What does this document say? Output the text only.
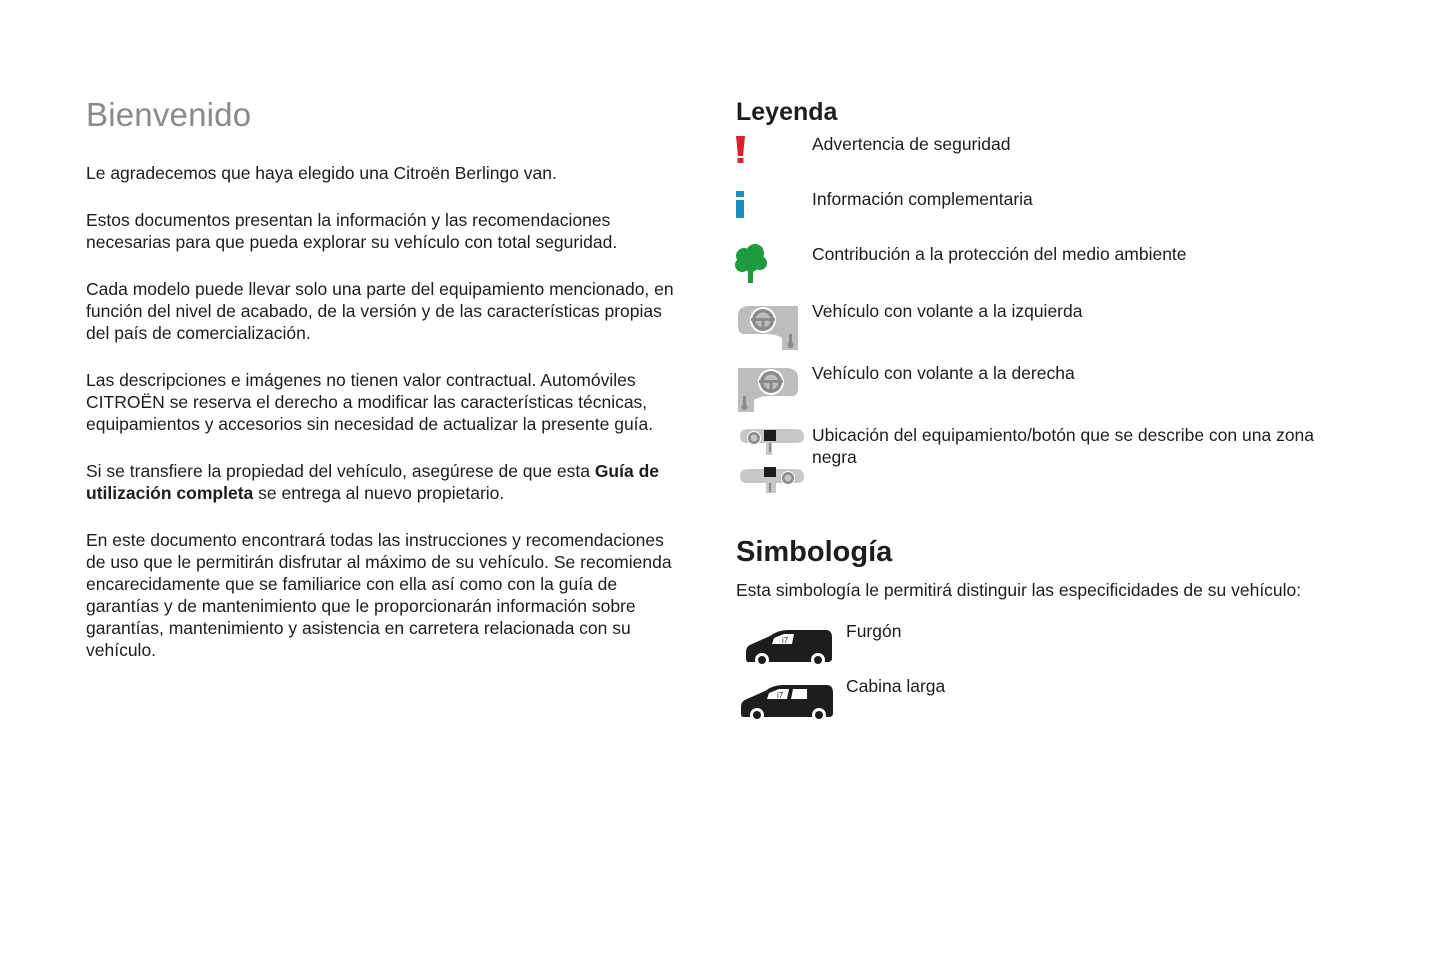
Bienvenido

Le agradecemos que haya elegido una Citroën Berlingo van.

Estos documentos presentan la información y las recomendaciones necesarias para que pueda explorar su vehículo con total seguridad.

Cada modelo puede llevar solo una parte del equipamiento mencionado, en función del nivel de acabado, de la versión y de las características propias del país de comercialización.

Las descripciones e imágenes no tienen valor contractual. Automóviles CITROËN se reserva el derecho a modificar las características técnicas, equipamientos y accesorios sin necesidad de actualizar la presente guía.

Si se transfiere la propiedad del vehículo, asegúrese de que esta Guía de utilización completa se entrega al nuevo propietario.

En este documento encontrará todas las instrucciones y recomendaciones de uso que le permitirán disfrutar al máximo de su vehículo. Se recomienda encarecidamente que se familiarice con ella así como con la guía de garantías y de mantenimiento que le proporcionarán información sobre garantías, mantenimiento y asistencia en carretera relacionada con su vehículo.

Leyenda
Advertencia de seguridad
Información complementaria
Contribución a la protección del medio ambiente
Vehículo con volante a la izquierda
Vehículo con volante a la derecha
Ubicación del equipamiento/botón que se describe con una zona negra
Simbología
Esta simbología le permitirá distinguir las especificidades de su vehículo:
i7	Furgón
i7	Cabina larga
